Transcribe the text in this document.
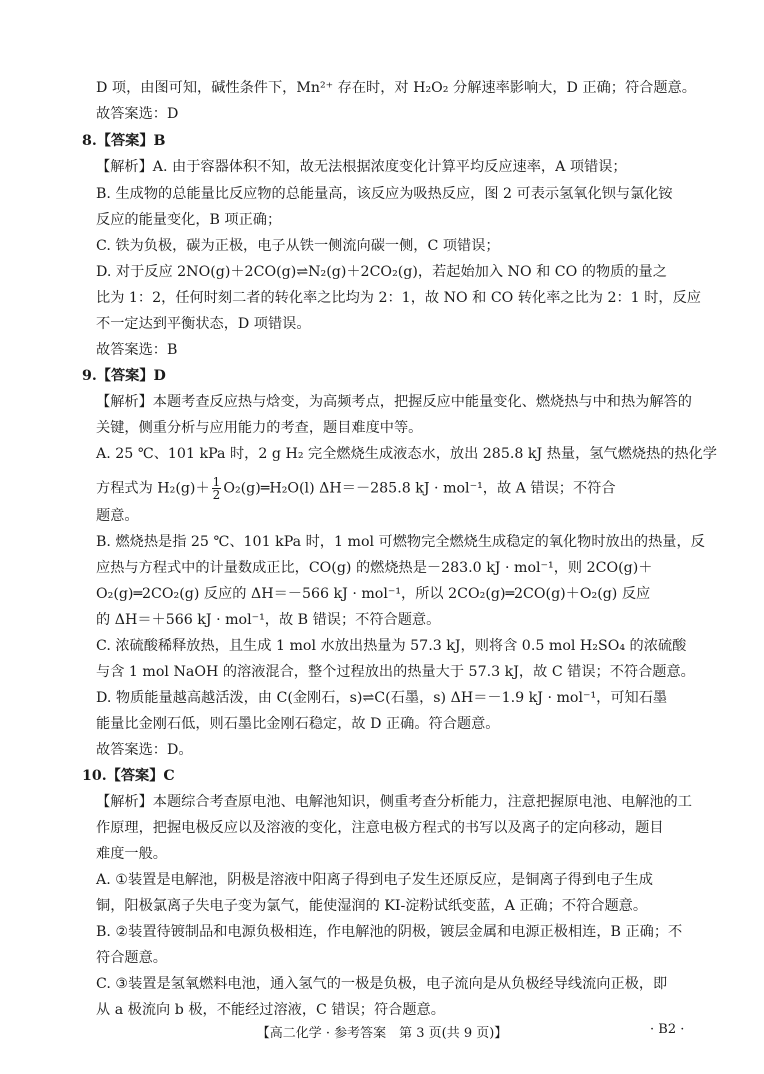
D 项，由图可知，碱性条件下，Mn²⁺ 存在时，对 H₂O₂ 分解速率影响大，D 正确；符合题意。
故答案选：D
8.【答案】B
【解析】A. 由于容器体积不知，故无法根据浓度变化计算平均反应速率，A 项错误；
B. 生成物的总能量比反应物的总能量高，该反应为吸热反应，图 2 可表示氢氧化钡与氯化铵
反应的能量变化，B 项正确；
C. 铁为负极，碳为正极，电子从铁一侧流向碳一侧，C 项错误；
D. 对于反应 2NO(g)＋2CO(g)⇌N₂(g)＋2CO₂(g)，若起始加入 NO 和 CO 的物质的量之
比为 1：2，任何时刻二者的转化率之比均为 2：1，故 NO 和 CO 转化率之比为 2：1 时，反应
不一定达到平衡状态，D 项错误。
故答案选：B
9.【答案】D
【解析】本题考查反应热与焓变，为高频考点，把握反应中能量变化、燃烧热与中和热为解答的
关键，侧重分析与应用能力的考查，题目难度中等。
A. 25 ℃、101 kPa 时，2 g H₂ 完全燃烧生成液态水，放出 285.8 kJ 热量，氢气燃烧热的热化学
方程式为 $H_2(g)+ \frac{1}{2}$ O₂(g)═H₂O(l) ΔH＝－285.8 kJ · mol⁻¹，故 A 错误；不符合
题意。
B. 燃烧热是指 25 ℃、101 kPa 时，1 mol 可燃物完全燃烧生成稳定的氧化物时放出的热量，反
应热与方程式中的计量数成正比，CO(g) 的燃烧热是－283.0 kJ · mol⁻¹，则 2CO(g)＋
O₂(g)═2CO₂(g) 反应的 ΔH＝－566 kJ · mol⁻¹，所以 2CO₂(g)═2CO(g)＋O₂(g) 反应
的 ΔH＝＋566 kJ · mol⁻¹，故 B 错误；不符合题意。
C. 浓硫酸稀释放热，且生成 1 mol 水放出热量为 57.3 kJ，则将含 0.5 mol H₂SO₄ 的浓硫酸
与含 1 mol NaOH 的溶液混合，整个过程放出的热量大于 57.3 kJ，故 C 错误；不符合题意。
D. 物质能量越高越活泼，由 C(金刚石，s)⇌C(石墨，s) ΔH＝－1.9 kJ · mol⁻¹，可知石墨
能量比金刚石低，则石墨比金刚石稳定，故 D 正确。符合题意。
故答案选：D。
10.【答案】C
【解析】本题综合考查原电池、电解池知识，侧重考查分析能力，注意把握原电池、电解池的工
作原理，把握电极反应以及溶液的变化，注意电极方程式的书写以及离子的定向移动，题目
难度一般。
A. ①装置是电解池，阴极是溶液中阳离子得到电子发生还原反应，是铜离子得到电子生成
铜，阳极氯离子失电子变为氯气，能使湿润的 KI-淀粉试纸变蓝，A 正确；不符合题意。
B. ②装置待镀制品和电源负极相连，作电解池的阴极，镀层金属和电源正极相连，B 正确；不
符合题意。
C. ③装置是氢氧燃料电池，通入氢气的一极是负极，电子流向是从负极经导线流向正极，即
从 a 极流向 b 极，不能经过溶液，C 错误；符合题意。
【高二化学 · 参考答案　第 3 页(共 9 页)】	· B2 ·
